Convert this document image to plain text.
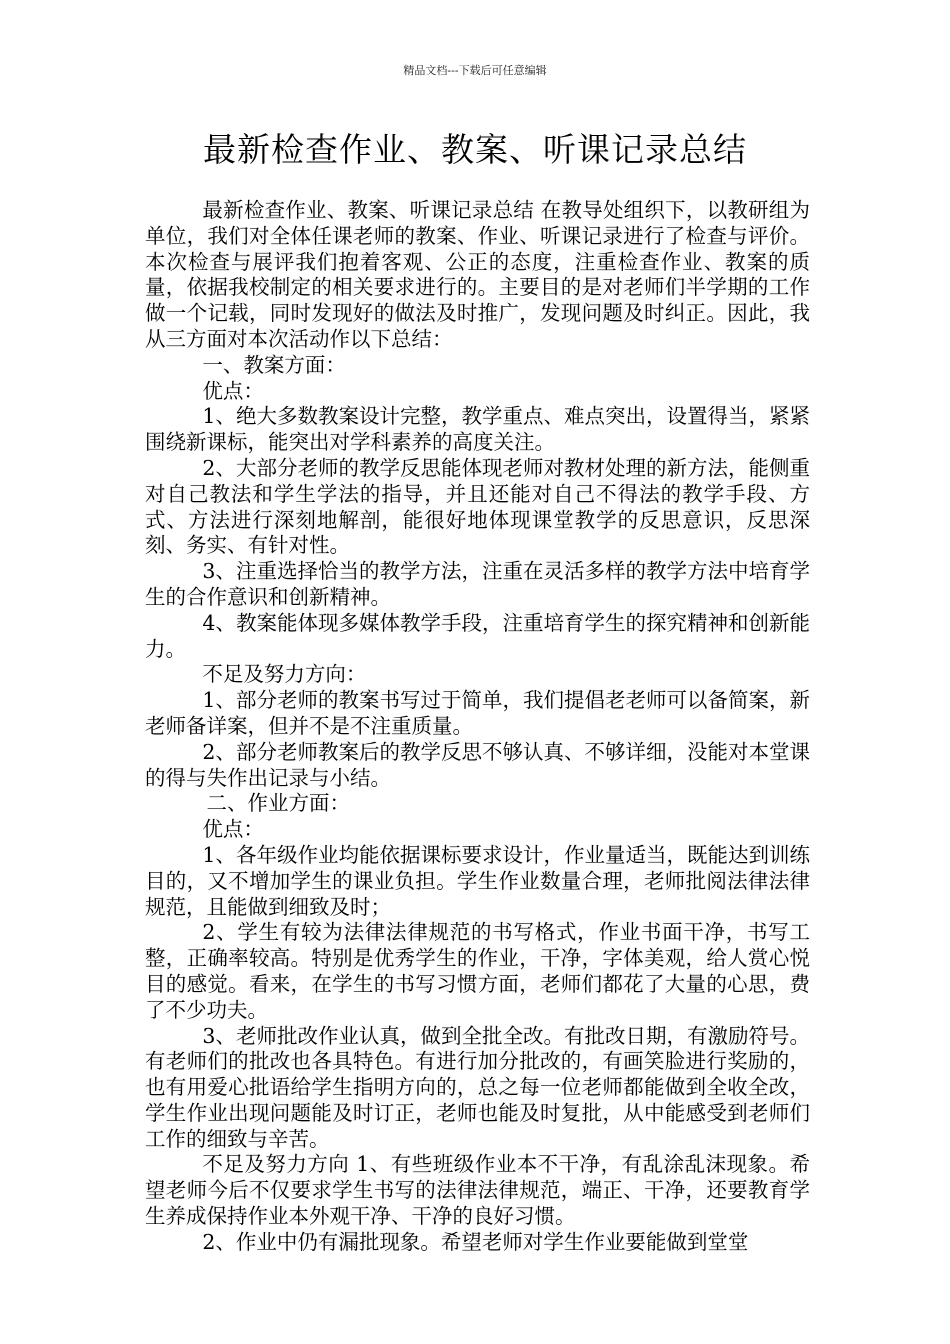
精品文档---下载后可任意编辑
最新检查作业、教案、听课记录总结

最新检查作业、教案、听课记录总结 在教导处组织下，以教研组为单位，我们对全体任课老师的教案、作业、听课记录进行了检查与评价。本次检查与展评我们抱着客观、公正的态度，注重检查作业、教案的质量，依据我校制定的相关要求进行的。主要目的是对老师们半学期的工作做一个记载，同时发现好的做法及时推广，发现问题及时纠正。因此，我从三方面对本次活动作以下总结：

一、教案方面：

优点：

1、绝大多数教案设计完整，教学重点、难点突出，设置得当，紧紧围绕新课标，能突出对学科素养的高度关注。

2、大部分老师的教学反思能体现老师对教材处理的新方法，能侧重对自己教法和学生学法的指导，并且还能对自己不得法的教学手段、方式、方法进行深刻地解剖，能很好地体现课堂教学的反思意识，反思深刻、务实、有针对性。

3、注重选择恰当的教学方法，注重在灵活多样的教学方法中培育学生的合作意识和创新精神。

4、教案能体现多媒体教学手段，注重培育学生的探究精神和创新能力。

不足及努力方向：

1、部分老师的教案书写过于简单，我们提倡老老师可以备简案，新老师备详案，但并不是不注重质量。

2、部分老师教案后的教学反思不够认真、不够详细，没能对本堂课的得与失作出记录与小结。

二、作业方面：

优点：

1、各年级作业均能依据课标要求设计，作业量适当，既能达到训练目的，又不增加学生的课业负担。学生作业数量合理，老师批阅法律法律规范，且能做到细致及时；

2、学生有较为法律法律规范的书写格式，作业书面干净，书写工整，正确率较高。特别是优秀学生的作业，干净，字体美观，给人赏心悦目的感觉。看来，在学生的书写习惯方面，老师们都花了大量的心思，费了不少功夫。

3、老师批改作业认真，做到全批全改。有批改日期，有激励符号。有老师们的批改也各具特色。有进行加分批改的，有画笑脸进行奖励的，也有用爱心批语给学生指明方向的，总之每一位老师都能做到全收全改，学生作业出现问题能及时订正，老师也能及时复批，从中能感受到老师们工作的细致与辛苦。

不足及努力方向 1、有些班级作业本不干净，有乱涂乱沫现象。希望老师今后不仅要求学生书写的法律法律规范，端正、干净，还要教育学生养成保持作业本外观干净、干净的良好习惯。

2、作业中仍有漏批现象。希望老师对学生作业要能做到堂堂
